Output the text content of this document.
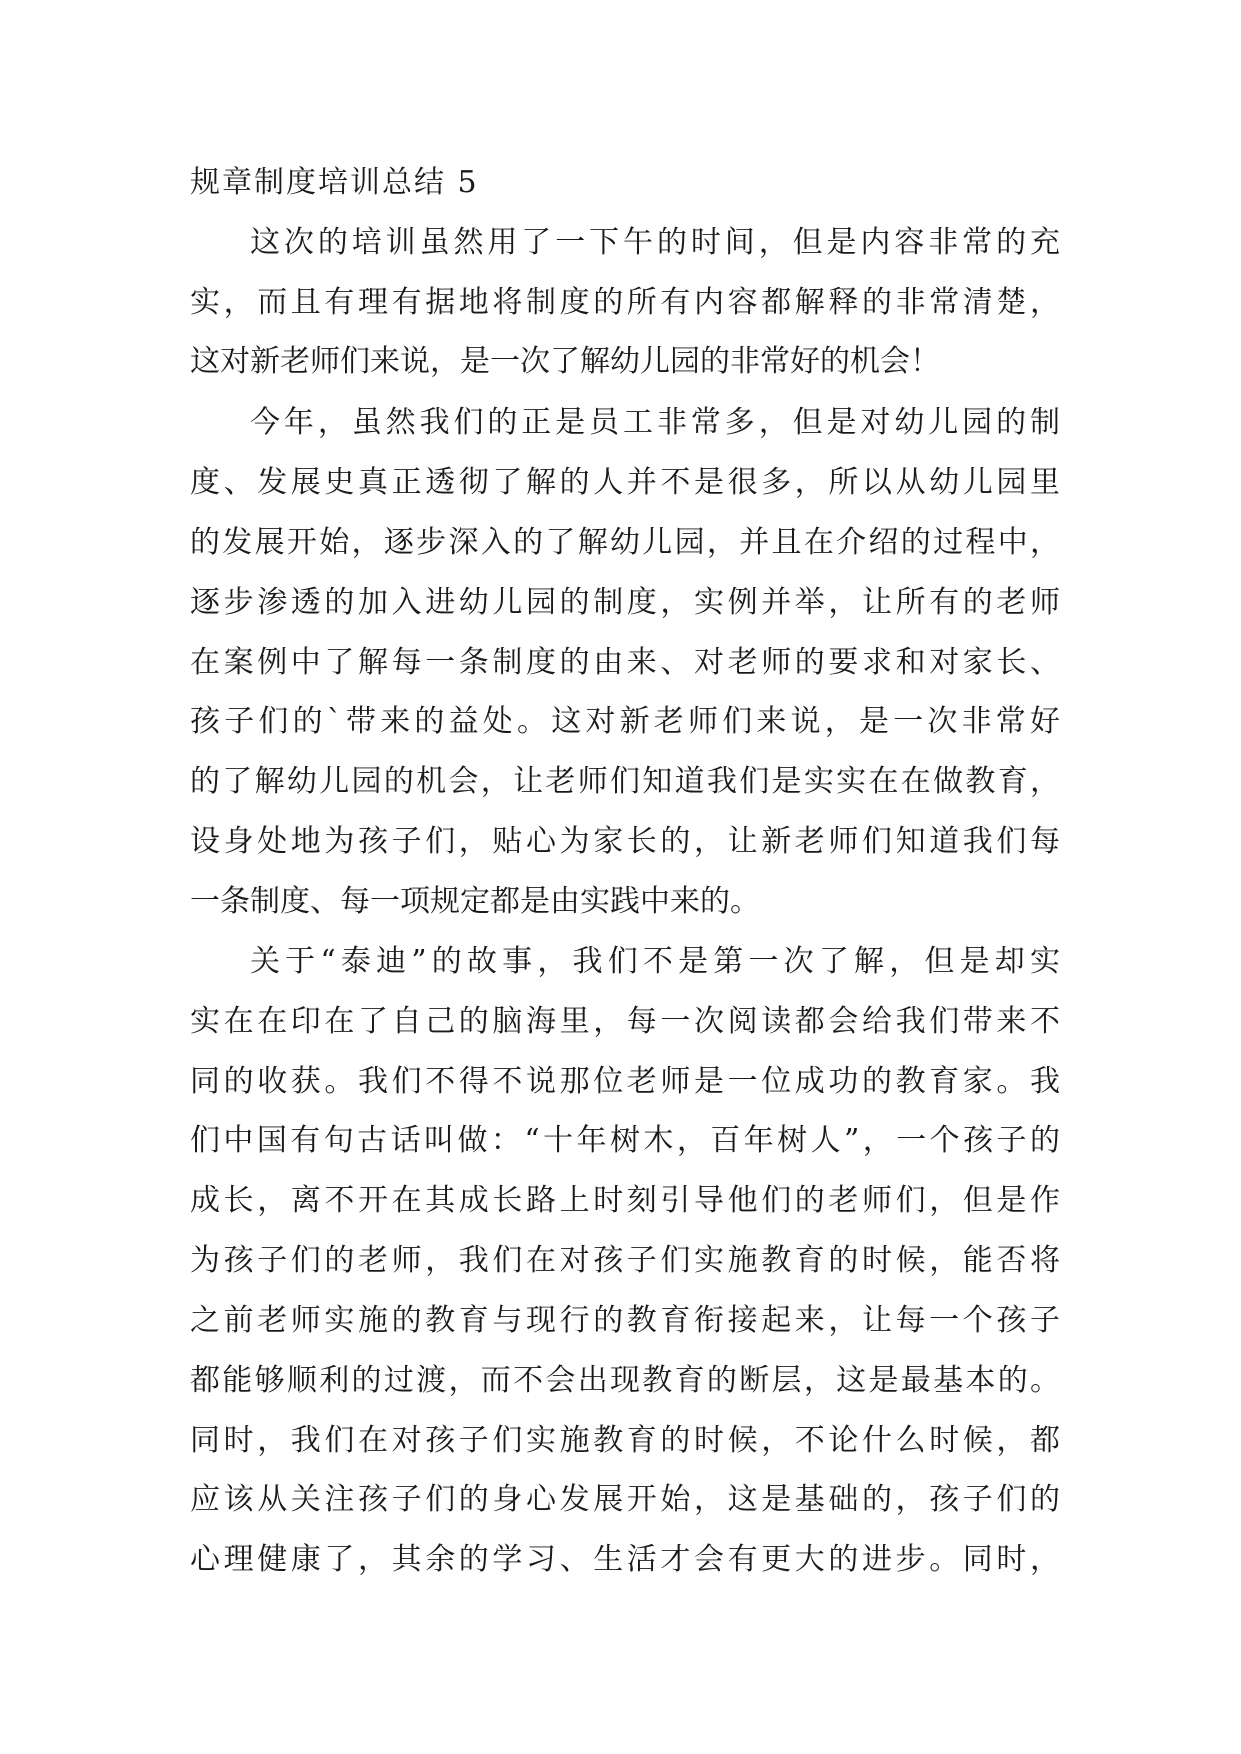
规章制度培训总结 5
这次的培训虽然用了一下午的时间，但是内容非常的充
实，而且有理有据地将制度的所有内容都解释的非常清楚，
这对新老师们来说，是一次了解幼儿园的非常好的机会！
今年，虽然我们的正是员工非常多，但是对幼儿园的制
度、发展史真正透彻了解的人并不是很多，所以从幼儿园里
的发展开始，逐步深入的了解幼儿园，并且在介绍的过程中，
逐步渗透的加入进幼儿园的制度，实例并举，让所有的老师
在案例中了解每一条制度的由来、对老师的要求和对家长、
孩子们的`带来的益处。这对新老师们来说，是一次非常好
的了解幼儿园的机会，让老师们知道我们是实实在在做教育，
设身处地为孩子们，贴心为家长的，让新老师们知道我们每
一条制度、每一项规定都是由实践中来的。
关于“泰迪”的故事，我们不是第一次了解，但是却实
实在在印在了自己的脑海里，每一次阅读都会给我们带来不
同的收获。我们不得不说那位老师是一位成功的教育家。我
们中国有句古话叫做：“十年树木，百年树人”，一个孩子的
成长，离不开在其成长路上时刻引导他们的老师们，但是作
为孩子们的老师，我们在对孩子们实施教育的时候，能否将
之前老师实施的教育与现行的教育衔接起来，让每一个孩子
都能够顺利的过渡，而不会出现教育的断层，这是最基本的。
同时，我们在对孩子们实施教育的时候，不论什么时候，都
应该从关注孩子们的身心发展开始，这是基础的，孩子们的
心理健康了，其余的学习、生活才会有更大的进步。同时，
